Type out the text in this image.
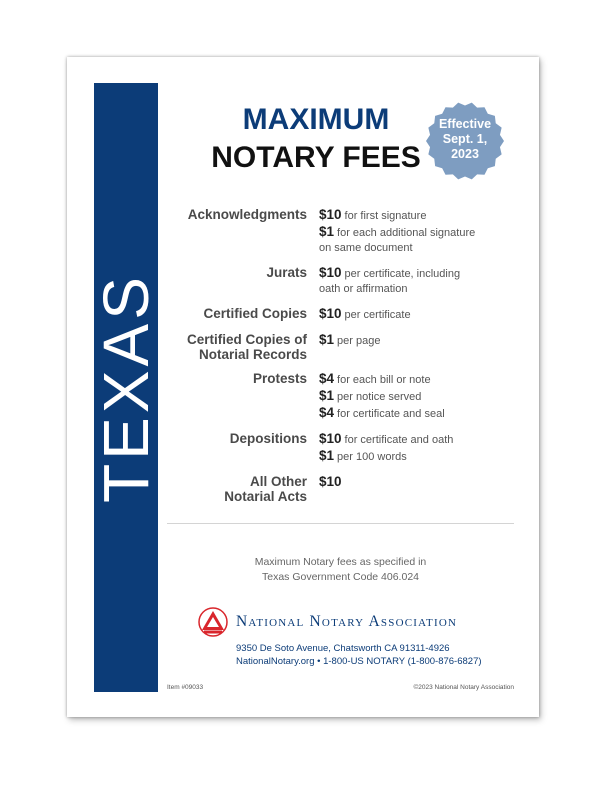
TEXAS
MAXIMUM
NOTARY FEES
Effective
Sept. 1,
2023
Acknowledgments $10 for first signature
$1 for each additional signature
on same document
Jurats $10 per certificate, including
oath or affirmation
Certified Copies $10 per certificate
Certified Copies of
Notarial Records
$1 per page
Protests $4 for each bill or note
$1 per notice served
$4 for certificate and seal
Depositions $10 for certificate and oath
$1 per 100 words
All Other
Notarial Acts
$10
Maximum Notary fees as specified in
Texas Government Code 406.024
National Notary Association
9350 De Soto Avenue, Chatsworth CA 91311-4926
NationalNotary.org • 1-800-US NOTARY (1-800-876-6827)
Item #09033	©2023 National Notary Association
